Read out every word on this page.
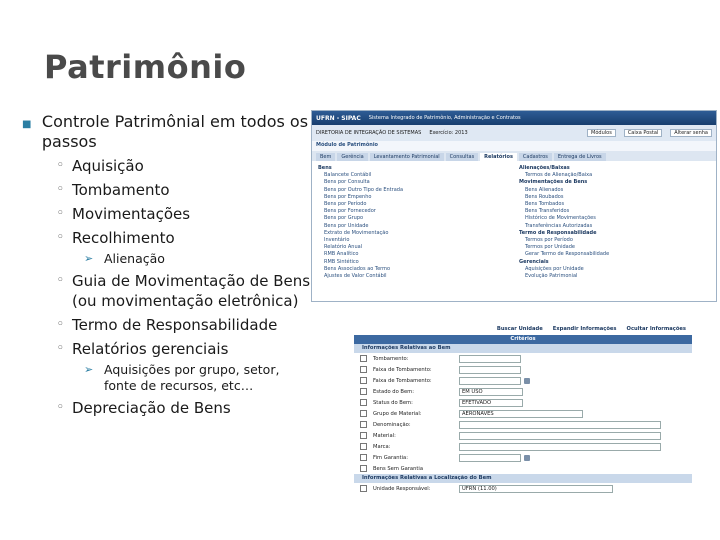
Patrimônio
■ Controle Patrimônial em todos os passos
◦ Aquisição
◦ Tombamento
◦ Movimentações
◦ Recolhimento
➢ Alienação
◦ Guia de Movimentação de Bens (ou movimentação eletrônica)
◦ Termo de Responsabilidade
◦ Relatórios gerenciais
➢ Aquisições por grupo, setor, fonte de recursos, etc…
◦ Depreciação de Bens
UFRN - SIPAC Sistema Integrado de Patrimônio, Administração e Contratos
DIRETORIA DE INTEGRAÇÃO DE SISTEMAS Exercício: 2013	Módulos	Caixa Postal	Alterar senha
Módulo de Patrimônio
Bem	Gerência	Levantamento Patrimonial	Consultas	Relatórios	Cadastros	Entrega de Livros
Bens
Balancete Contábil
Bens por Consulta
Bens por Outro Tipo de Entrada
Bens por Empenho
Bens por Período
Bens por Fornecedor
Bens por Grupo
Bens por Unidade
Extrato de Movimentação
Inventário
Relatório Anual
RMB Analítico
RMB Sintético
Bens Associados ao Termo
Ajustes de Valor Contábil
Alienações/Baixas
Termos de Alienação/Baixa
Movimentações de Bens
Bens Alienados
Bens Roubados
Bens Tombados
Bens Transferidos
Histórico de Movimentações
Transferências Autorizadas
Termo de Responsabilidade
Termos por Período
Termos por Unidade
Gerar Termo de Responsabilidade
Gerenciais
Aquisições por Unidade
Evolução Patrimonial
Buscar Unidade Expandir Informações Ocultar Informações
Critérios
Informações Relativas ao Bem
Tombamento:
Faixa de Tombamento:
Faixa de Tombamento:
Estado do Bem:	EM USO
Status do Bem:	EFETIVADO
Grupo de Material:	AERONAVES
Denominação:
Material:
Marca:
Fim Garantia:
Bens Sem Garantia
Informações Relativas a Localização do Bem
Unidade Responsável:	UFRN (11.00)
